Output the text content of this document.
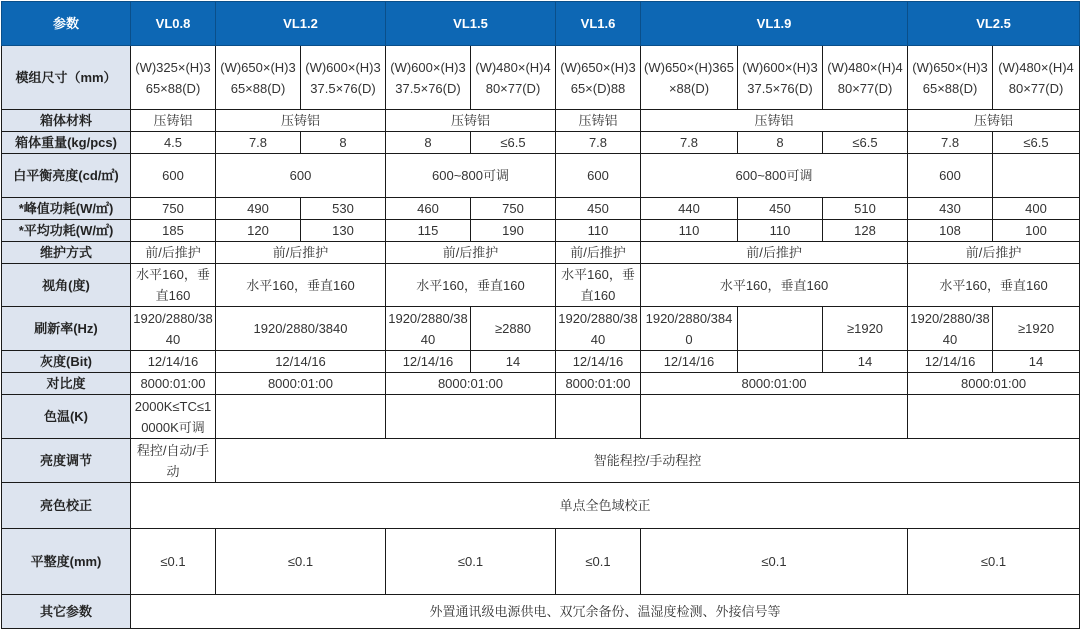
参数	VL0.8	VL1.2		VL1.5		VL1.6	VL1.9			VL2.5	
模组尺寸（mm）	(W)325×(H)365×88(D)	(W)650×(H)365×88(D)	(W)600×(H)337.5×76(D)	(W)600×(H)337.5×76(D)	(W)480×(H)480×77(D)	(W)650×(H)365×(D)88	(W)650×(H)365×88(D)	(W)600×(H)337.5×76(D)	(W)480×(H)480×77(D)	(W)650×(H)365×88(D)	(W)480×(H)480×77(D)
箱体材料	压铸铝	压铸铝		压铸铝		压铸铝	压铸铝			压铸铝	
箱体重量(kg/pcs)	4.5	7.8	8	8	≤6.5	7.8	7.8	8	≤6.5	7.8	≤6.5
白平衡亮度(cd/㎡)	600	600		600~800可调		600	600~800可调			600	
*峰值功耗(W/㎡)	750	490	530	460	750	450	440	450	510	430	400
*平均功耗(W/㎡)	185	120	130	115	190	110	110	110	128	108	100
维护方式	前/后推护	前/后推护		前/后推护		前/后推护	前/后推护			前/后推护	
视角(度)	水平160，垂直160	水平160，垂直160		水平160，垂直160		水平160，垂直160	水平160，垂直160			水平160，垂直160	
刷新率(Hz)	1920/2880/3840	1920/2880/3840		1920/2880/3840	≥2880	1920/2880/3840	1920/2880/3840		≥1920	1920/2880/3840	≥1920
灰度(Bit)	12/14/16	12/14/16		12/14/16	14	12/14/16	12/14/16		14	12/14/16	14
对比度	8000:01:00	8000:01:00		8000:01:00		8000:01:00	8000:01:00			8000:01:00	
色温(K)	2000K≤TC≤10000K可调										
亮度调节	程控/自动/手动	智能程控/手动程控									
亮色校正	单点全色域校正										
平整度(mm)	≤0.1	≤0.1		≤0.1		≤0.1	≤0.1			≤0.1	
其它参数	外置通讯级电源供电、双冗余备份、温湿度检测、外接信号等										
